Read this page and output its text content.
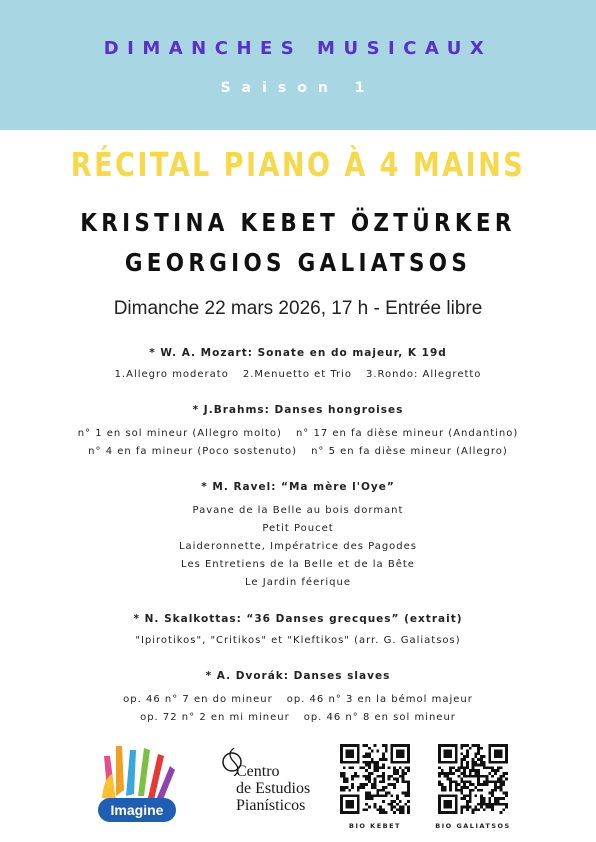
DIMANCHES MUSICAUX
Saison 1
RÉCITAL PIANO À 4 MAINS
KRISTINA KEBET ÖZTÜRKER
GEORGIOS GALIATSOS
Dimanche 22 mars 2026, 17 h - Entrée libre
* W. A. Mozart: Sonate en do majeur, K 19d
1.Allegro moderato 2.Menuetto et Trio 3.Rondo: Allegretto
* J.Brahms: Danses hongroises
n° 1 en sol mineur (Allegro molto) n° 17 en fa dièse mineur (Andantino)
n° 4 en fa mineur (Poco sostenuto) n° 5 en fa dièse mineur (Allegro)
* M. Ravel: “Ma mère l'Oye”
Pavane de la Belle au bois dormant
Petit Poucet
Laideronnette, Impératrice des Pagodes
Les Entretiens de la Belle et de la Bête
Le Jardin féerique
* N. Skalkottas: “36 Danses grecques” (extrait)
"Ipirotikos", "Critikos" et "Kleftikos" (arr. G. Galiatsos)
* A. Dvorák: Danses slaves
op. 46 n° 7 en do mineur op. 46 n° 3 en la bémol majeur
op. 72 n° 2 en mi mineur op. 46 n° 8 en sol mineur
Imagine
Centro
de Estudios
Pianísticos
BIO KEBET	BIO GALIATSOS
